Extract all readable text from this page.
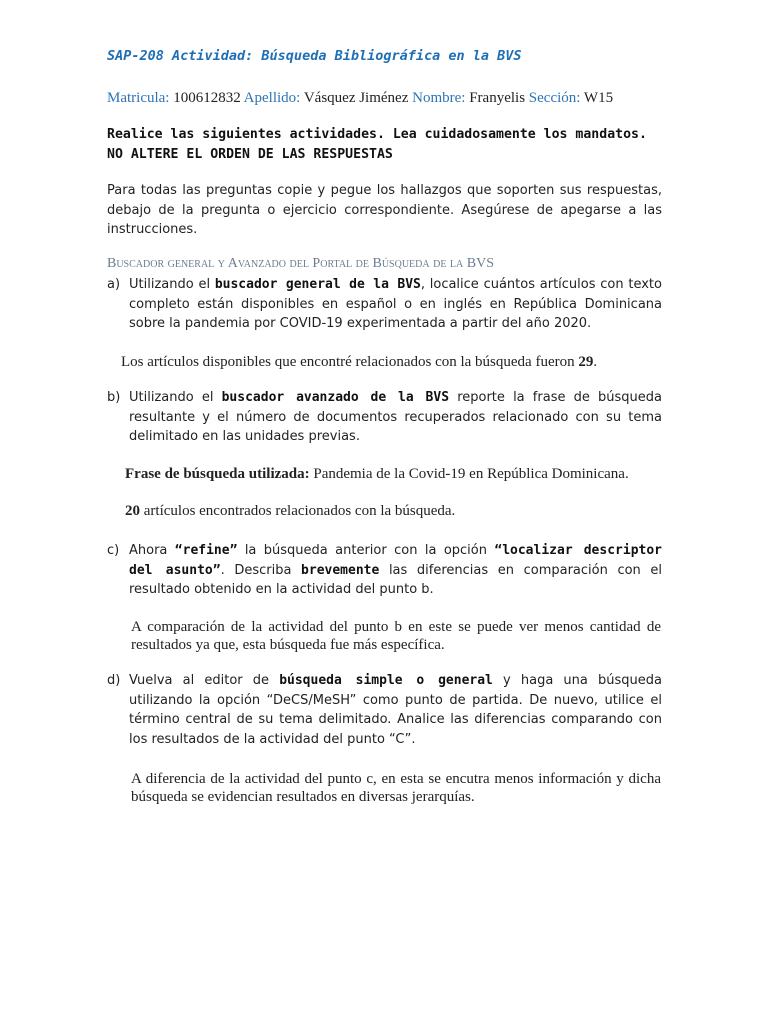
SAP-208 Actividad: Búsqueda Bibliográfica en la BVS
Matricula: 100612832 Apellido: Vásquez Jiménez Nombre: Franyelis Sección: W15
Realice las siguientes actividades. Lea cuidadosamente los mandatos. NO ALTERE EL ORDEN DE LAS RESPUESTAS
Para todas las preguntas copie y pegue los hallazgos que soporten sus respuestas, debajo de la pregunta o ejercicio correspondiente. Asegúrese de apegarse a las instrucciones.
Buscador general y Avanzado del Portal de Búsqueda de la BVS
a) Utilizando el buscador general de la BVS, localice cuántos artículos con texto completo están disponibles en español o en inglés en República Dominicana sobre la pandemia por COVID-19 experimentada a partir del año 2020.
Los artículos disponibles que encontré relacionados con la búsqueda fueron 29.
b) Utilizando el buscador avanzado de la BVS reporte la frase de búsqueda resultante y el número de documentos recuperados relacionado con su tema delimitado en las unidades previas.
Frase de búsqueda utilizada: Pandemia de la Covid-19 en República Dominicana.
20 artículos encontrados relacionados con la búsqueda.
c) Ahora “refine” la búsqueda anterior con la opción “localizar descriptor del asunto”. Describa brevemente las diferencias en comparación con el resultado obtenido en la actividad del punto b.
A comparación de la actividad del punto b en este se puede ver menos cantidad de resultados ya que, esta búsqueda fue más específica.
d) Vuelva al editor de búsqueda simple o general y haga una búsqueda utilizando la opción “DeCS/MeSH” como punto de partida. De nuevo, utilice el término central de su tema delimitado. Analice las diferencias comparando con los resultados de la actividad del punto “C”.
A diferencia de la actividad del punto c, en esta se encutra menos información y dicha búsqueda se evidencian resultados en diversas jerarquías.
